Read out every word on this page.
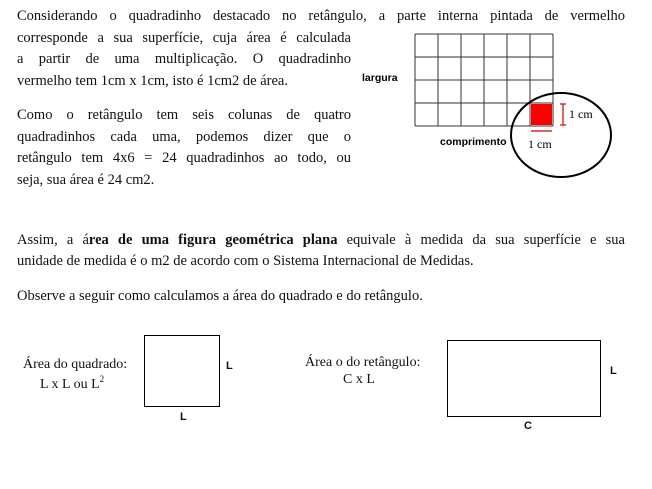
Considerando o quadradinho destacado no retângulo, a parte interna pintada de vermelho
corresponde a sua superfície, cuja área é calculada
a partir de uma multiplicação. O quadradinho
vermelho tem 1cm x 1cm, isto é 1cm2 de área.
Como o retângulo tem seis colunas de quatro
quadradinhos cada uma, podemos dizer que o
retângulo tem 4x6 = 24 quadradinhos ao todo, ou
seja, sua área é 24 cm2.
largura
comprimento
1 cm
1 cm
Assim, a área de uma figura geométrica plana equivale à medida da sua superfície e sua
unidade de medida é o m2 de acordo com o Sistema Internacional de Medidas.
Observe a seguir como calculamos a área do quadrado e do retângulo.
Área do quadrado:
L x L ou $L^2$
L
L
Área o do retângulo:
C x L
L
C
